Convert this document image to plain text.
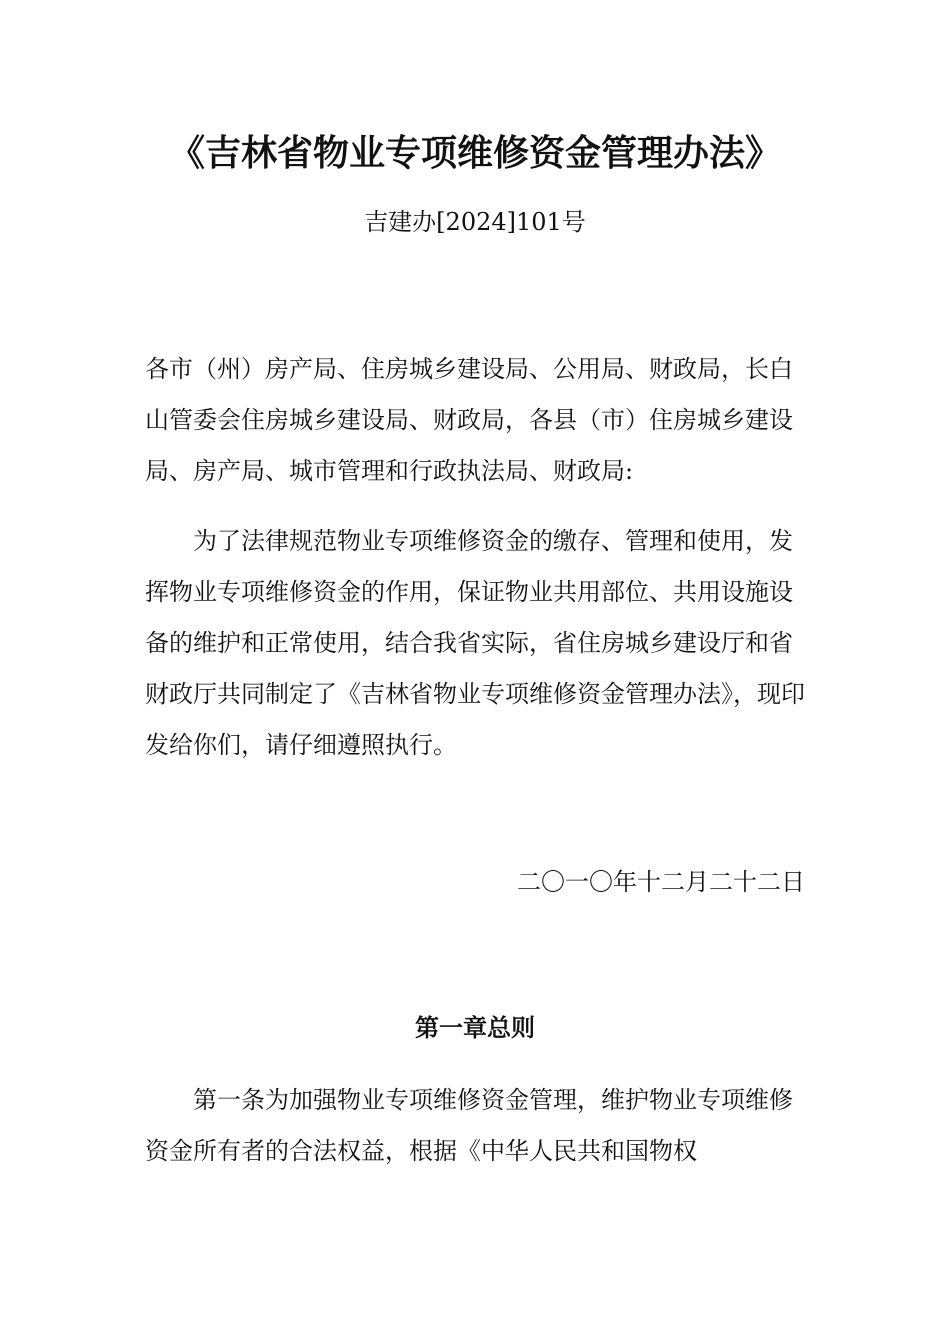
《吉林省物业专项维修资金管理办法》
吉建办[2024]101号

各市（州）房产局、住房城乡建设局、公用局、财政局，长白山管委会住房城乡建设局、财政局，各县（市）住房城乡建设局、房产局、城市管理和行政执法局、财政局:

为了法律规范物业专项维修资金的缴存、管理和使用，发挥物业专项维修资金的作用，保证物业共用部位、共用设施设备的维护和正常使用，结合我省实际，省住房城乡建设厅和省财政厅共同制定了《吉林省物业专项维修资金管理办法》，现印发给你们，请仔细遵照执行。

二〇一〇年十二月二十二日
第一章总则

第一条为加强物业专项维修资金管理，维护物业专项维修资金所有者的合法权益，根据《中华人民共和国物权
